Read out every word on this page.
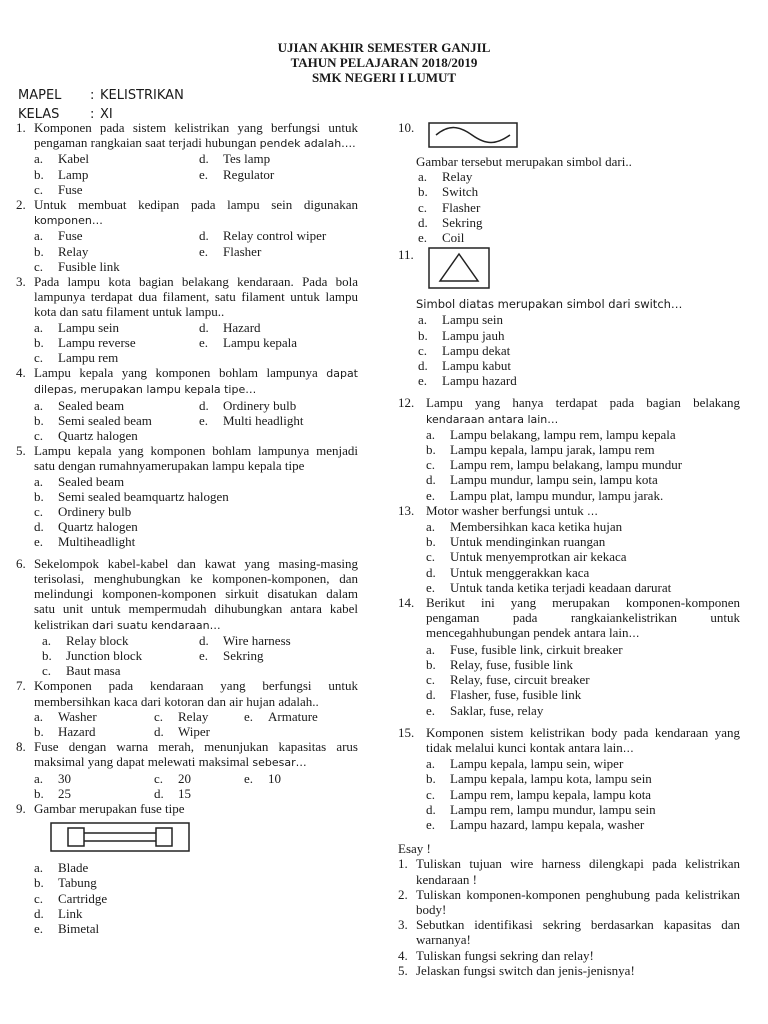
UJIAN AKHIR SEMESTER GANJIL
TAHUN PELAJARAN 2018/2019
SMK NEGERI I LUMUT
MAPEL	: KELISTRIKAN
KELAS	: XI
1. Komponen pada sistem kelistrikan yang berfungsi untuk pengaman rangkaian saat terjadi hubungan pendek adalah….
a.	Kabel	d.	Tes lamp
b.	Lamp	e.	Regulator
c.	Fuse
2. Untuk membuat kedipan pada lampu sein digunakan komponen…
a.	Fuse	d.	Relay control wiper
b.	Relay	e.	Flasher
c.	Fusible link
3. Pada lampu kota bagian belakang kendaraan. Pada bola lampunya terdapat dua filament, satu filament untuk lampu kota dan satu filament untuk lampu..
a.	Lampu sein	d.	Hazard
b.	Lampu reverse	e.	Lampu kepala
c.	Lampu rem
4. Lampu kepala yang komponen bohlam lampunya dapat dilepas, merupakan lampu kepala tipe…
a.	Sealed beam	d.	Ordinery bulb
b.	Semi sealed beam	e.	Multi headlight
c.	Quartz halogen
5. Lampu kepala yang komponen bohlam lampunya menjadi satu dengan rumahnyamerupakan lampu kepala tipe
a.	Sealed beam
b.	Semi sealed beamquartz halogen
c.	Ordinery bulb
d.	Quartz halogen
e.	Multiheadlight
6. Sekelompok kabel-kabel dan kawat yang masing-masing terisolasi, menghubungkan ke komponen-komponen, dan melindungi komponen-komponen sirkuit disatukan dalam satu unit untuk mempermudah dihubungkan antara kabel kelistrikan dari suatu kendaraan…
a.	Relay block	d.	Wire harness
b.	Junction block	e.	Sekring
c.	Baut masa
7. Komponen pada kendaraan yang berfungsi untuk membersihkan kaca dari kotoran dan air hujan adalah..
a.	Washer	c.	Relay	e.	Armature
b.	Hazard	d.	Wiper
8. Fuse dengan warna merah, menunjukan kapasitas arus maksimal yang dapat melewati maksimal sebesar…
a.	30	c.	20	e.	10
b.	25	d.	15
9. Gambar merupakan fuse tipe
a.	Blade
b.	Tabung
c.	Cartridge
d.	Link
e.	Bimetal
10.
Gambar tersebut merupakan simbol dari..
a.	Relay
b.	Switch
c.	Flasher
d.	Sekring
e.	Coil
11.
Simbol diatas merupakan simbol dari switch…
a.	Lampu sein
b.	Lampu jauh
c.	Lampu dekat
d.	Lampu kabut
e.	Lampu hazard
12. Lampu yang hanya terdapat pada bagian belakang kendaraan antara lain…
a.	Lampu belakang, lampu rem, lampu kepala
b.	Lampu kepala, lampu jarak, lampu rem
c.	Lampu rem, lampu belakang, lampu mundur
d.	Lampu mundur, lampu sein, lampu kota
e.	Lampu plat, lampu mundur, lampu jarak.
13. Motor washer berfungsi untuk …
a.	Membersihkan kaca ketika hujan
b.	Untuk mendinginkan ruangan
c.	Untuk menyemprotkan air kekaca
d.	Untuk menggerakkan kaca
e.	Untuk tanda ketika terjadi keadaan darurat
14. Berikut ini yang merupakan komponen-komponen pengaman pada rangkaiankelistrikan untuk mencegahhubungan pendek antara lain…
a.	Fuse, fusible link, cirkuit breaker
b.	Relay, fuse, fusible link
c.	Relay, fuse, circuit breaker
d.	Flasher, fuse, fusible link
e.	Saklar, fuse, relay
15. Komponen sistem kelistrikan body pada kendaraan yang tidak melalui kunci kontak antara lain…
a.	Lampu kepala, lampu sein, wiper
b.	Lampu kepala, lampu kota, lampu sein
c.	Lampu rem, lampu kepala, lampu kota
d.	Lampu rem, lampu mundur, lampu sein
e.	Lampu hazard, lampu kepala, washer
Esay !
1. Tuliskan tujuan wire harness dilengkapi pada kelistrikan kendaraan !
2. Tuliskan komponen-komponen penghubung pada kelistrikan body!
3. Sebutkan identifikasi sekring berdasarkan kapasitas dan warnanya!
4. Tuliskan fungsi sekring dan relay!
5. Jelaskan fungsi switch dan jenis-jenisnya!
